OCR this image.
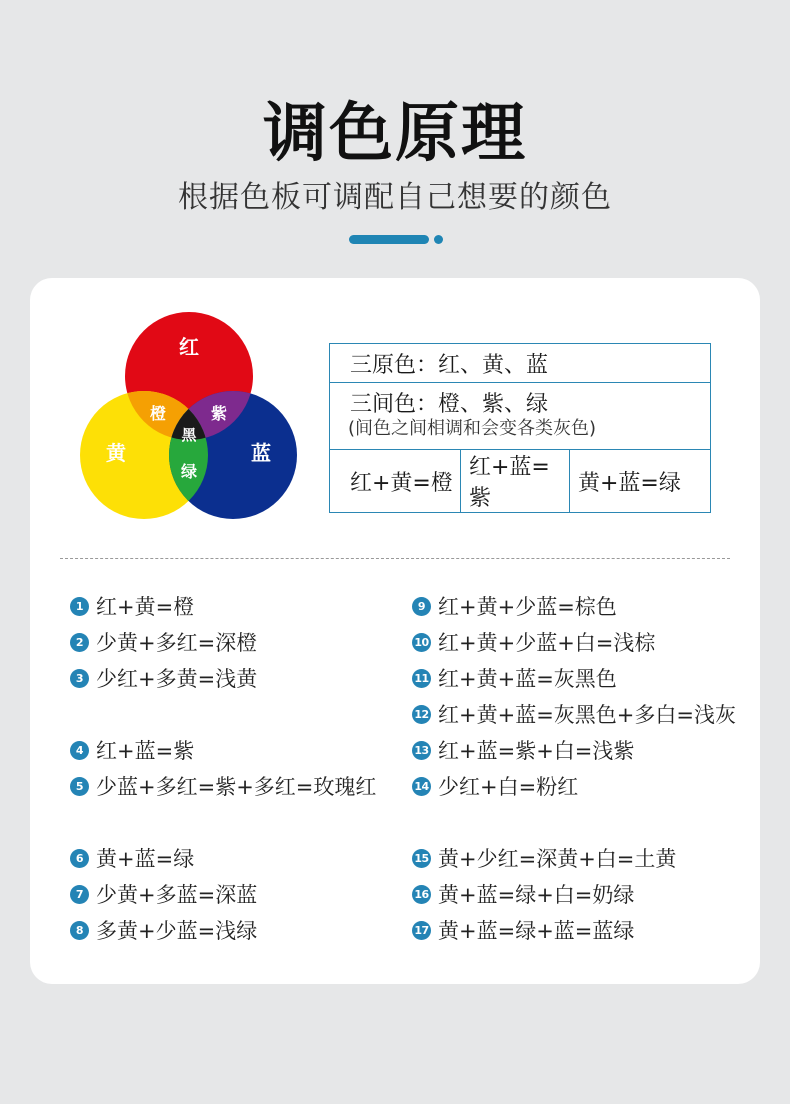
调色原理
根据色板可调配自己想要的颜色
红
黄	蓝
橙	紫
黑
绿
三原色：红、黄、蓝
三间色：橙、紫、绿
(间色之间相调和会变各类灰色)

红+黄=橙	红+蓝=紫	黄+蓝=绿
1 红+黄=橙
2 少黄+多红=深橙
3 少红+多黄=浅黄
4 红+蓝=紫
5 少蓝+多红=紫+多红=玫瑰红
6 黄+蓝=绿
7 少黄+多蓝=深蓝
8 多黄+少蓝=浅绿
9 红+黄+少蓝=棕色
10 红+黄+少蓝+白=浅棕
11 红+黄+蓝=灰黑色
12 红+黄+蓝=灰黑色+多白=浅灰
13 红+蓝=紫+白=浅紫
14 少红+白=粉红
15 黄+少红=深黄+白=土黄
16 黄+蓝=绿+白=奶绿
17 黄+蓝=绿+蓝=蓝绿
